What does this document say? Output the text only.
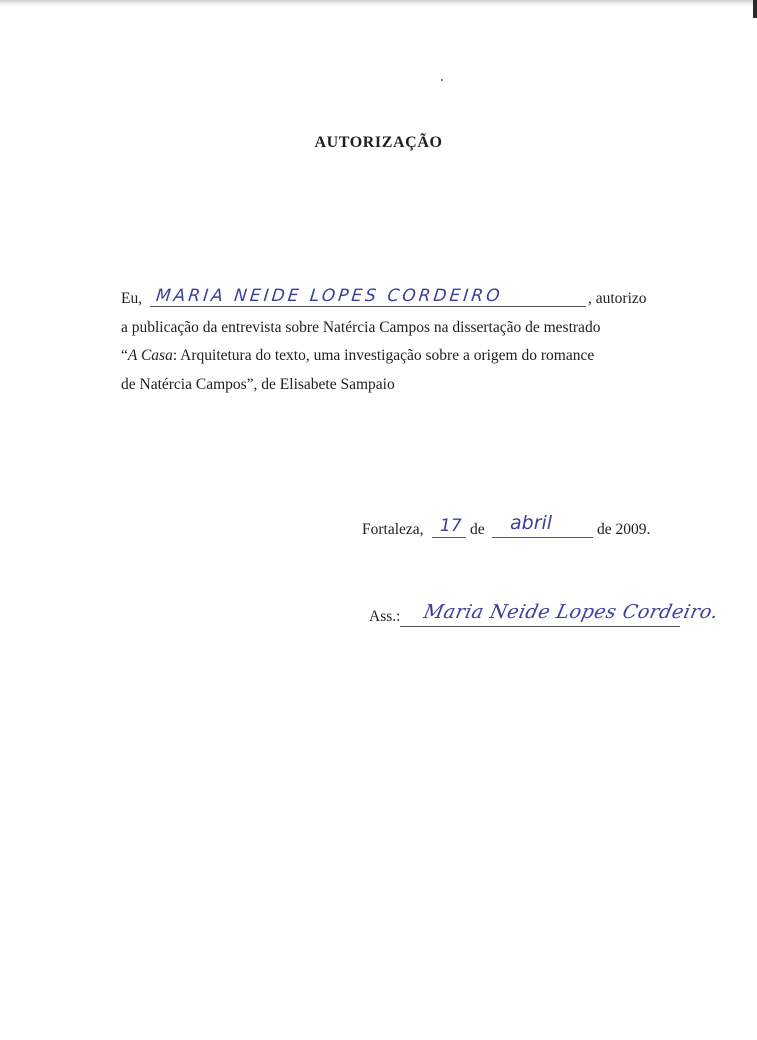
AUTORIZAÇÃO
Eu, MARIA NEIDE LOPES CORDEIRO	, autorizo
a publicação da entrevista sobre Natércia Campos na dissertação de mestrado
“A Casa: Arquitetura do texto, uma investigação sobre a origem do romance
de Natércia Campos”, de Elisabete Sampaio
Fortaleza, 17 de abril	de 2009.
Ass.: Maria Neide Lopes Cordeiro.
